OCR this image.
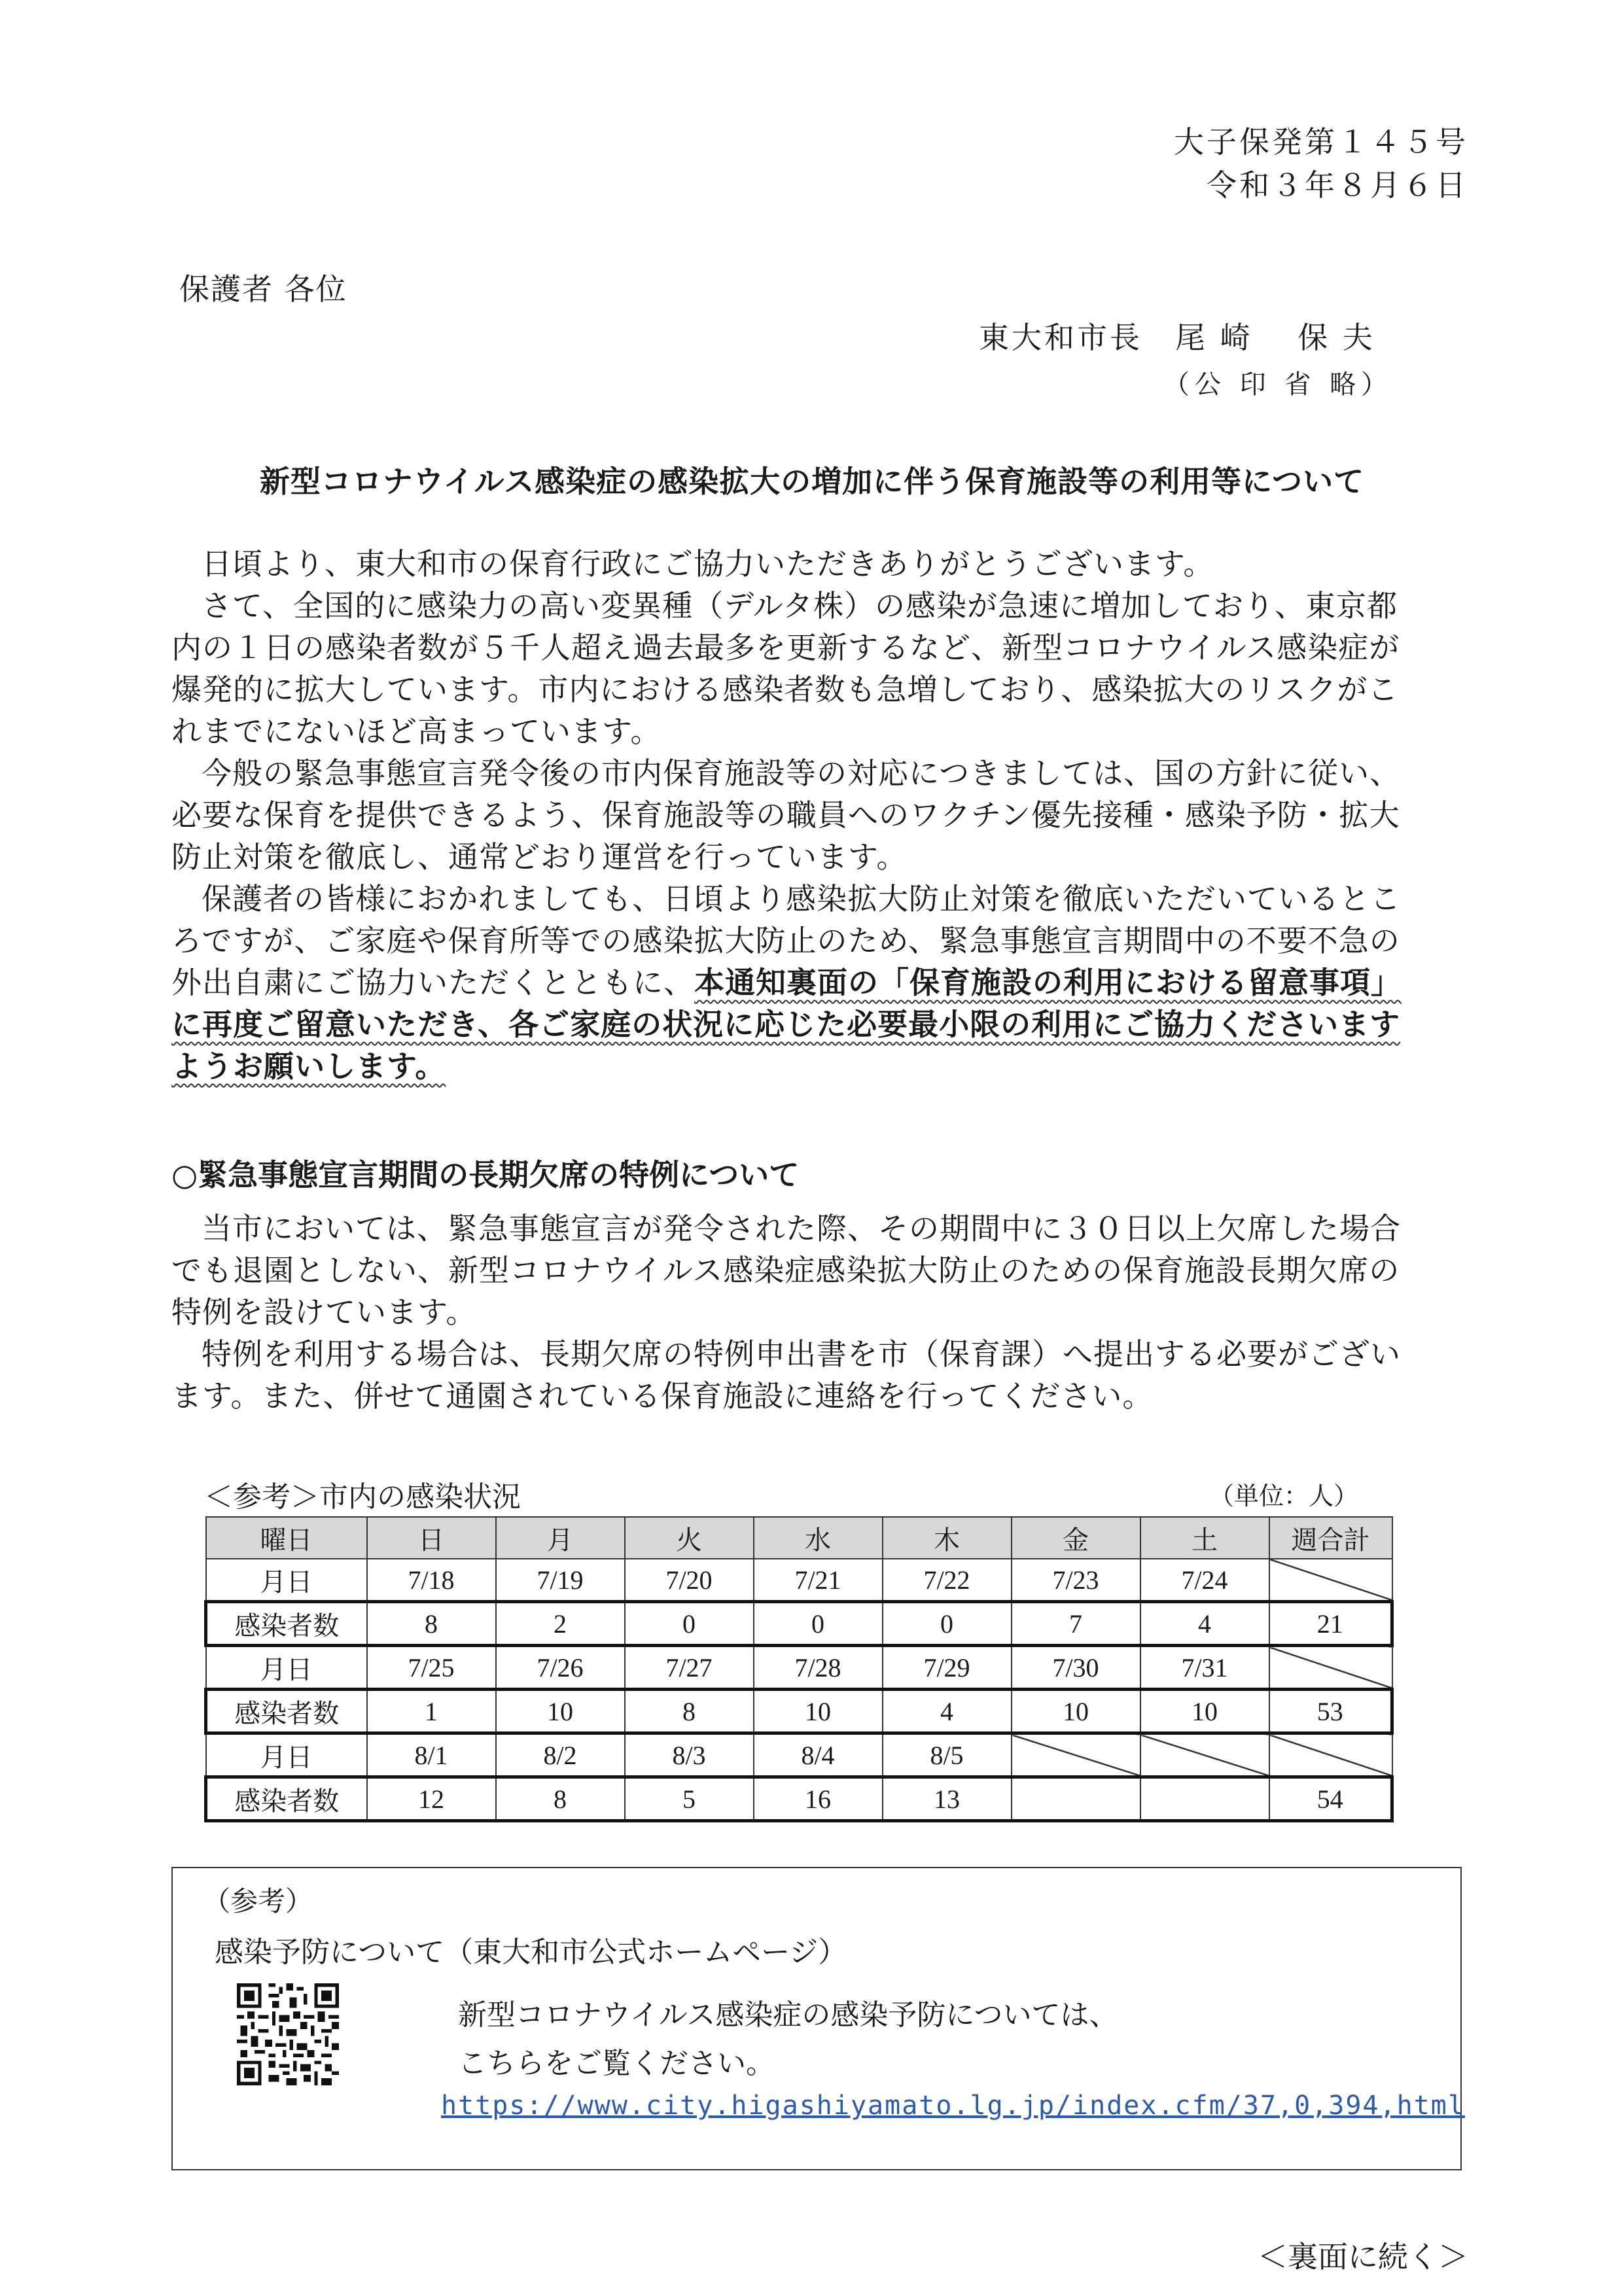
大子保発第１４５号
令和３年８月６日
保護者 各位
東大和市長　尾 崎　 保 夫
（公 印 省 略）
新型コロナウイルス感染症の感染拡大の増加に伴う保育施設等の利用等について
日頃より、東大和市の保育行政にご協力いただきありがとうございます。
さて、全国的に感染力の高い変異種（デルタ株）の感染が急速に増加しており、東京都
内の１日の感染者数が５千人超え過去最多を更新するなど、新型コロナウイルス感染症が
爆発的に拡大しています。市内における感染者数も急増しており、感染拡大のリスクがこ
れまでにないほど高まっています。
今般の緊急事態宣言発令後の市内保育施設等の対応につきましては、国の方針に従い、
必要な保育を提供できるよう、保育施設等の職員へのワクチン優先接種・感染予防・拡大
防止対策を徹底し、通常どおり運営を行っています。
保護者の皆様におかれましても、日頃より感染拡大防止対策を徹底いただいているとこ
ろですが、ご家庭や保育所等での感染拡大防止のため、緊急事態宣言期間中の不要不急の
外出自粛にご協力いただくとともに、本通知裏面の「保育施設の利用における留意事項」
に再度ご留意いただき、各ご家庭の状況に応じた必要最小限の利用にご協力くださいます
ようお願いします。
○緊急事態宣言期間の長期欠席の特例について
当市においては、緊急事態宣言が発令された際、その期間中に３０日以上欠席した場合
でも退園としない、新型コロナウイルス感染症感染拡大防止のための保育施設長期欠席の
特例を設けています。
特例を利用する場合は、長期欠席の特例申出書を市（保育課）へ提出する必要がござい
ます。また、併せて通園されている保育施設に連絡を行ってください。
＜参考＞市内の感染状況	（単位：人）
曜日	日	月	火	水	木	金	土	週合計
月日	7/18	7/19	7/20	7/21	7/22	7/23	7/24	
感染者数	8	2	0	0	0	7	4	21
月日	7/25	7/26	7/27	7/28	7/29	7/30	7/31	
感染者数	1	10	8	10	4	10	10	53
月日	8/1	8/2	8/3	8/4	8/5			
感染者数	12	8	5	16	13			54
（参考）
感染予防について（東大和市公式ホームページ）
新型コロナウイルス感染症の感染予防については、
こちらをご覧ください。
https://www.city.higashiyamato.lg.jp/index.cfm/37,0,394,html
＜裏面に続く＞
